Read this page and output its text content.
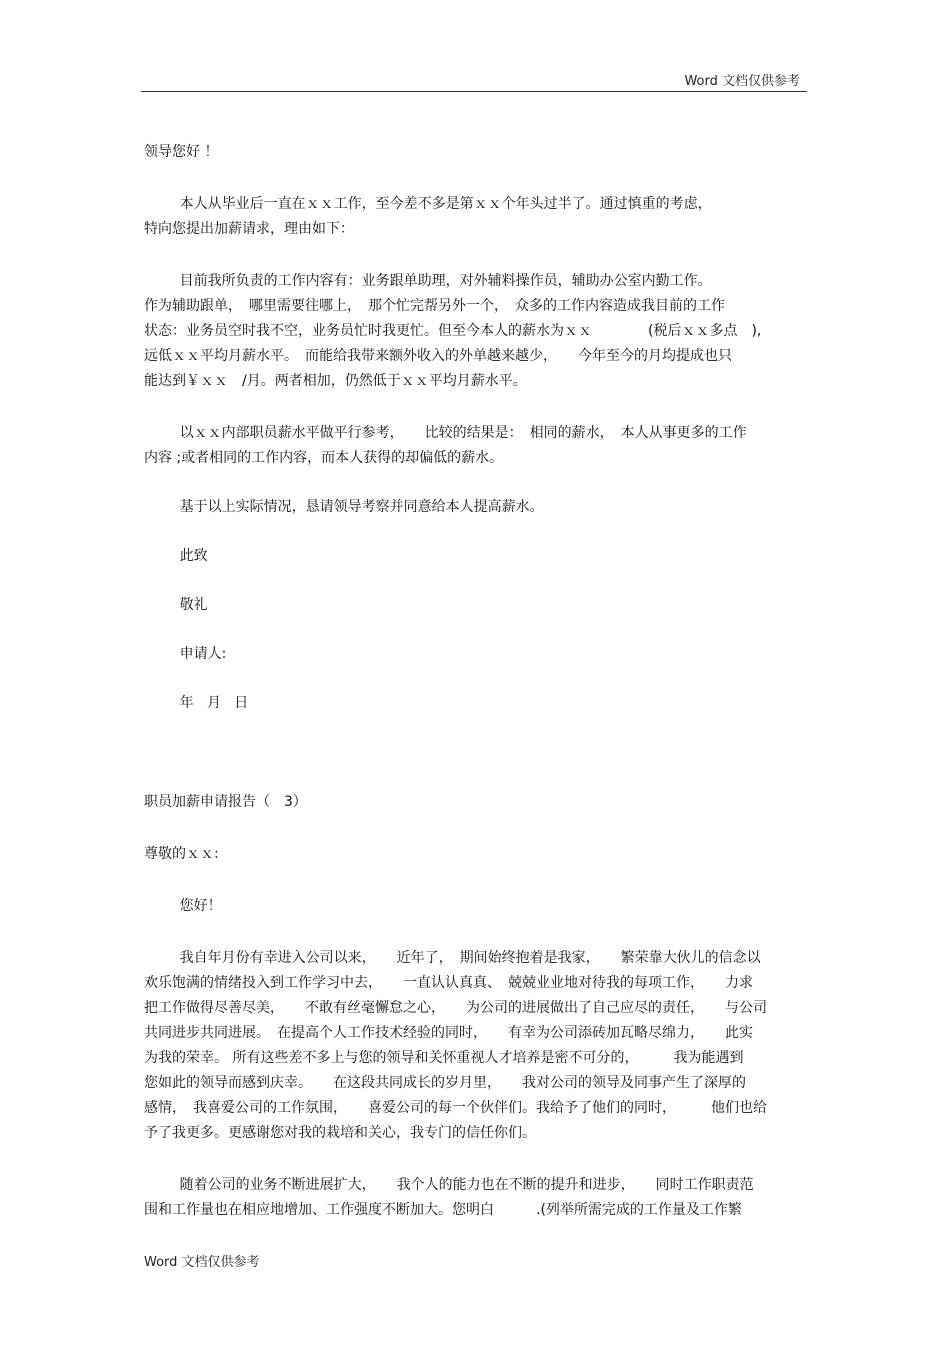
Word 文档仅供参考

领导您好 ！

本人从毕业后一直在ｘｘ工作，至今差不多是第ｘｘ个年头过半了。通过慎重的考虑，

特向您提出加薪请求，理由如下：

目前我所负责的工作内容有：业务跟单助理，对外辅料操作员，辅助办公室内勤工作。

作为辅助跟单，　哪里需要往哪上，　那个忙完帮另外一个，　众多的工作内容造成我目前的工作

状态：业务员空时我不空，业务员忙时我更忙。但至今本人的薪水为ｘｘ　　　　(税后ｘｘ多点　),

远低ｘｘ平均月薪水平。　而能给我带来额外收入的外单越来越少，　　今年至今的月均提成也只

能达到￥ｘｘ　/月。两者相加，仍然低于ｘｘ平均月薪水平。

以ｘｘ内部职员薪水平做平行参考，　　比较的结果是：　相同的薪水，　本人从事更多的工作

内容 ;或者相同的工作内容，而本人获得的却偏低的薪水。

基于以上实际情况，恳请领导考察并同意给本人提高薪水。

此致

敬礼

申请人:

年   月   日

职员加薪申请报告（　3）

尊敬的ｘｘ:

您好！

我自年月份有幸进入公司以来，　　近年了，　期间始终抱着是我家，　　繁荣靠大伙儿的信念以

欢乐饱满的情绪投入到工作学习中去，　　一直认认真真、　兢兢业业地对待我的每项工作，　　力求

把工作做得尽善尽美，　　不敢有丝毫懈怠之心，　　为公司的进展做出了自己应尽的责任，　　与公司

共同进步共同进展。　在提高个人工作技术经验的同时，　　有幸为公司添砖加瓦略尽绵力，　　此实

为我的荣幸。 所有这些差不多上与您的领导和关怀重视人才培养是密不可分的，　　　我为能遇到

您如此的领导而感到庆幸。　　在这段共同成长的岁月里，　　我对公司的领导及同事产生了深厚的

感情，　我喜爱公司的工作氛围，　　喜爱公司的每一个伙伴们。我给予了他们的同时，　　　他们也给

予了我更多。更感谢您对我的栽培和关心，我专门的信任你们。

随着公司的业务不断进展扩大，　　我个人的能力也在不断的提升和进步，　　同时工作职责范

围和工作量也在相应地增加、工作强度不断加大。您明白　　　.(列举所需完成的工作量及工作繁

Word 文档仅供参考
